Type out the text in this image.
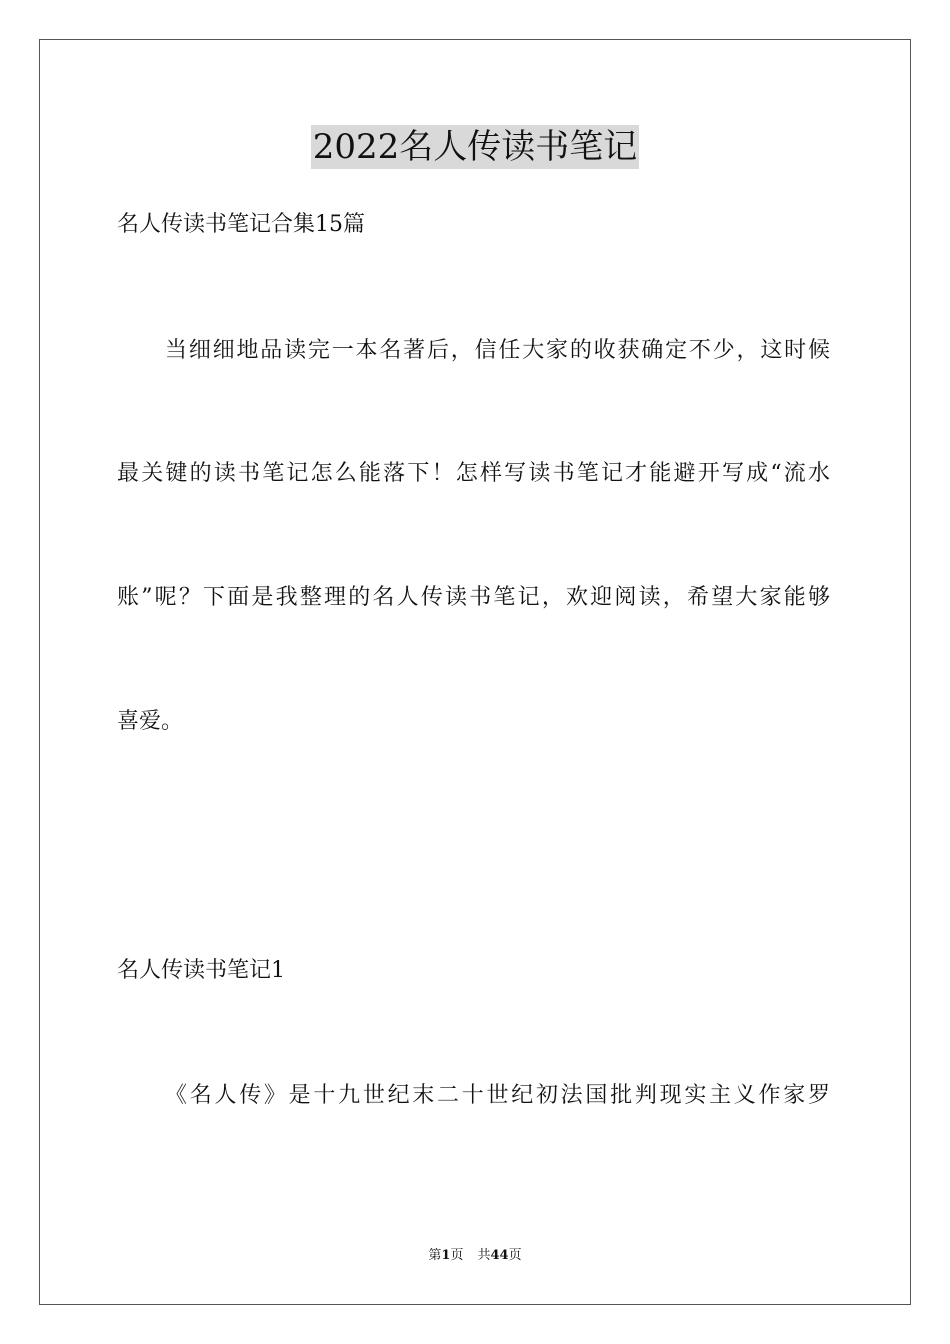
2022名人传读书笔记
名人传读书笔记合集15篇
当细细地品读完一本名著后，信任大家的收获确定不少，这时候
最关键的读书笔记怎么能落下！怎样写读书笔记才能避开写成“流水
账”呢？下面是我整理的名人传读书笔记，欢迎阅读，希望大家能够
喜爱。
名人传读书笔记1
《名人传》是十九世纪末二十世纪初法国批判现实主义作家罗
第1页 共44页
